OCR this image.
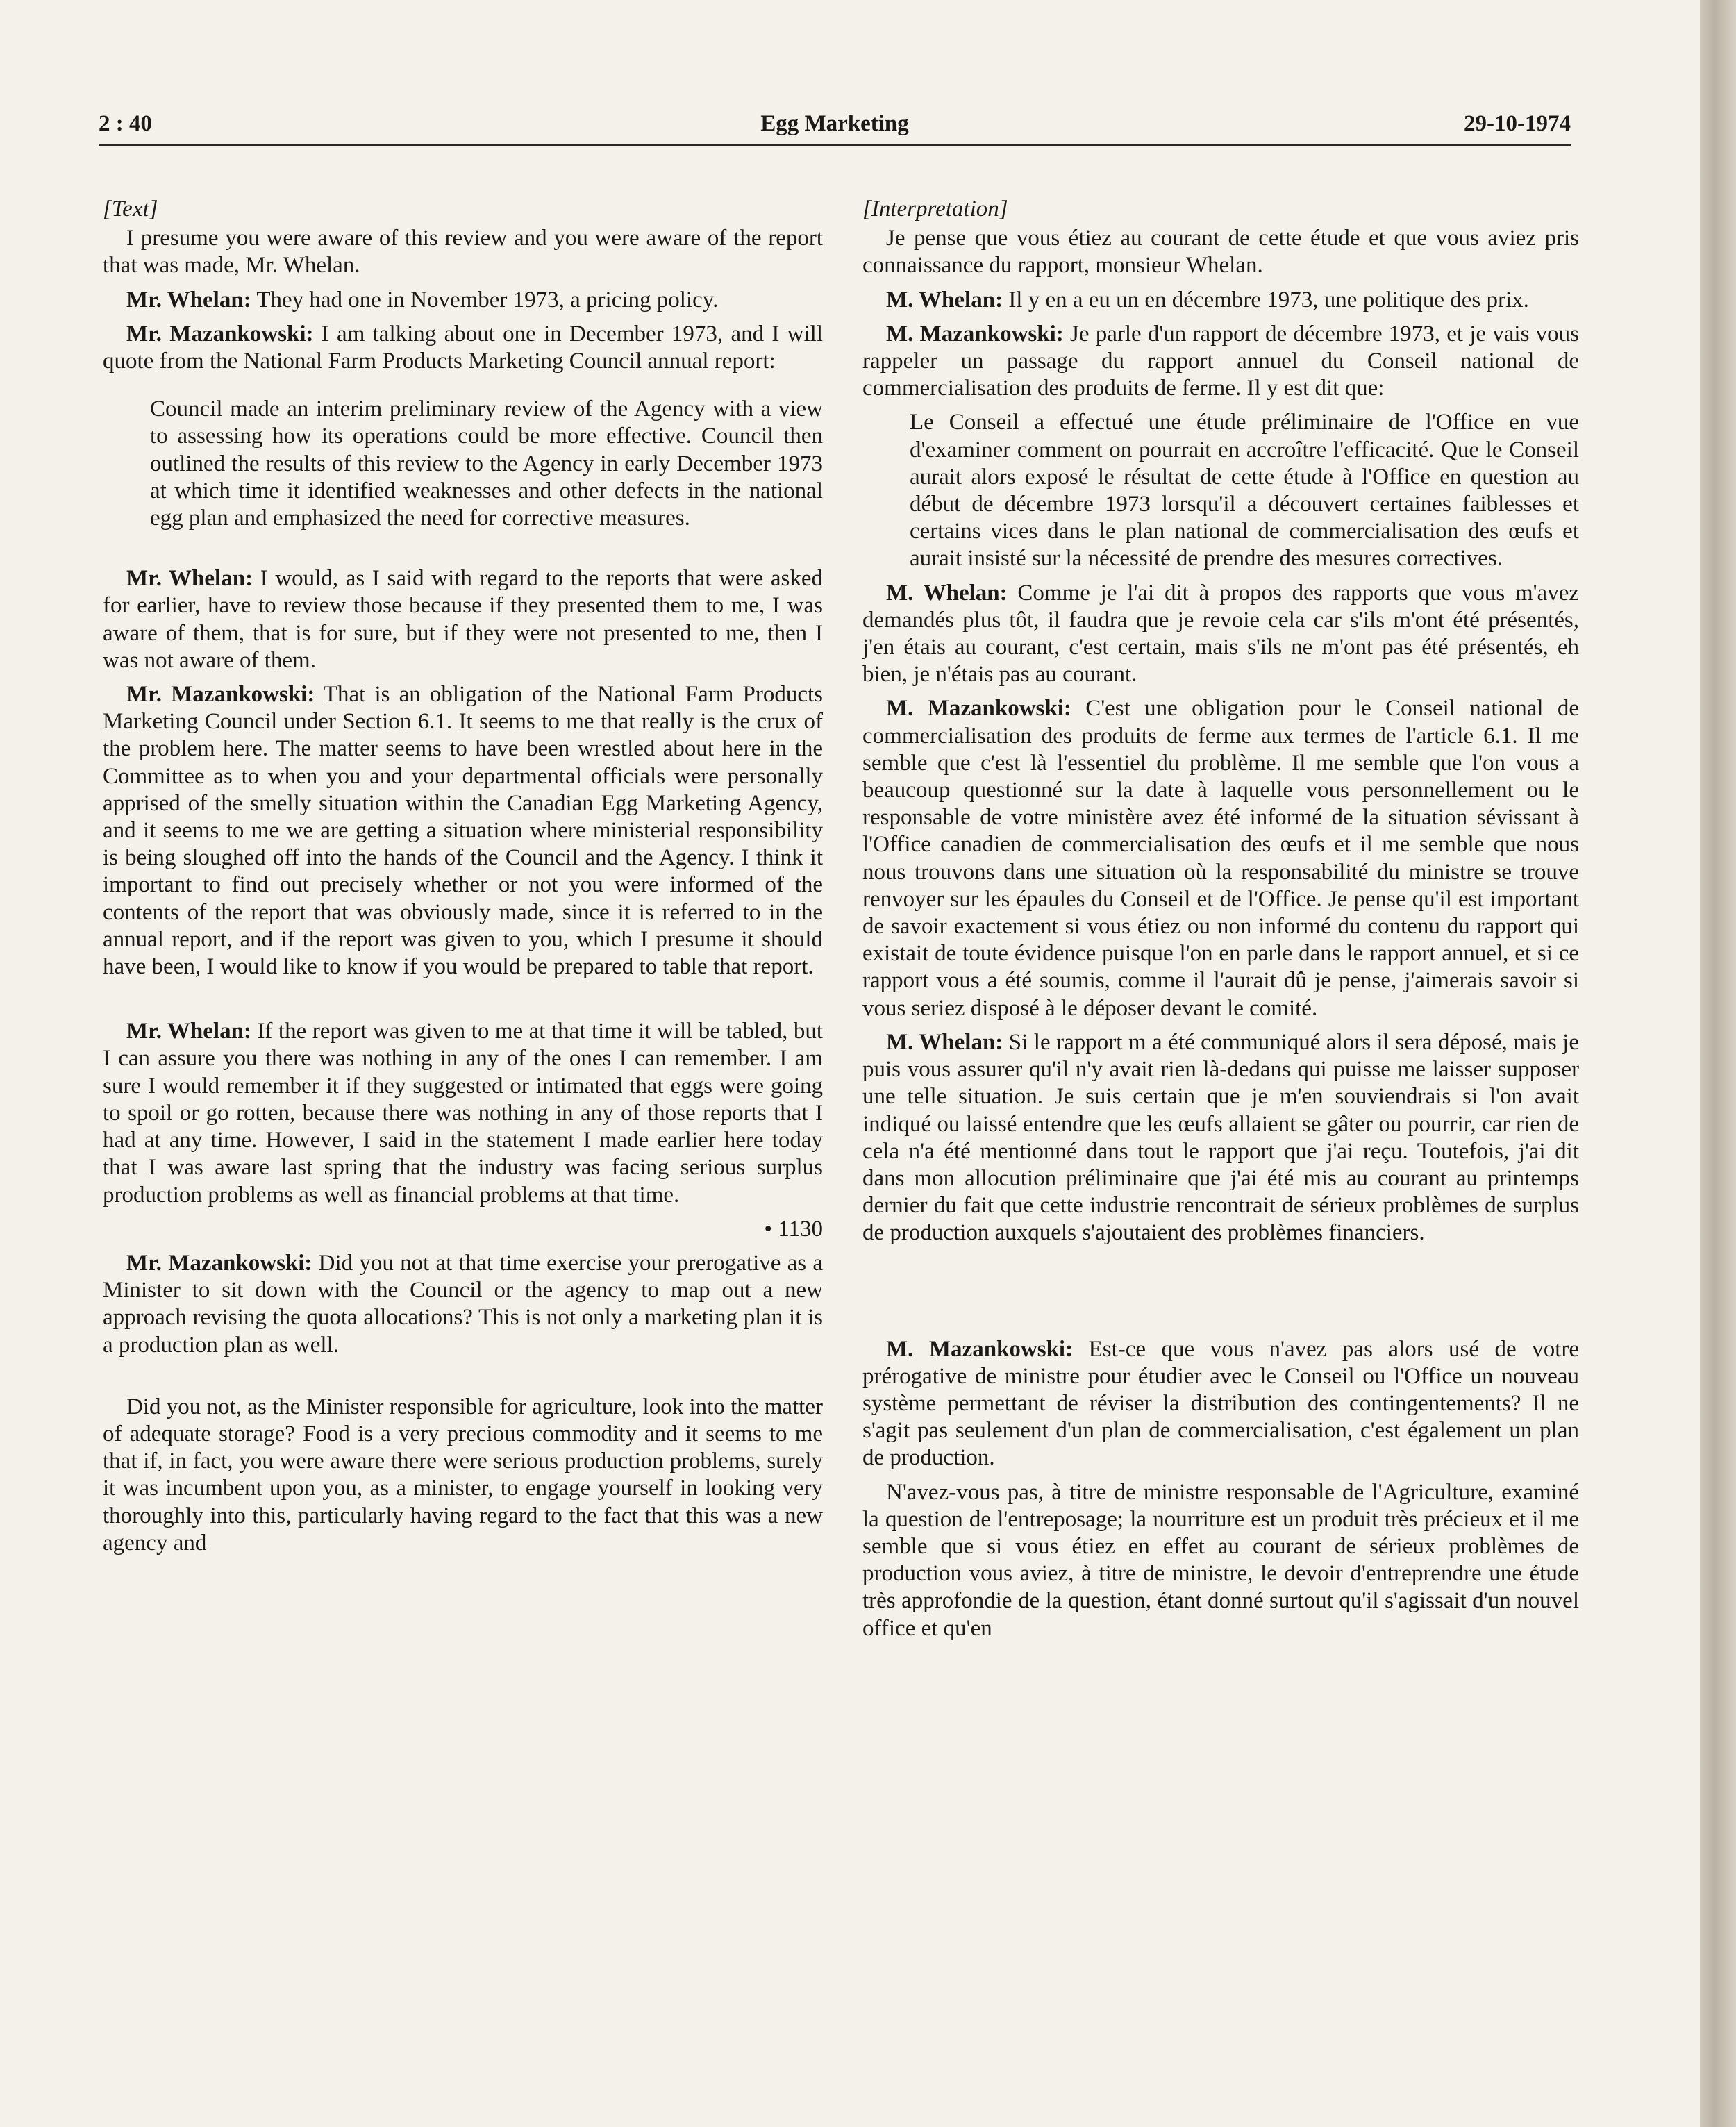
2 : 40	Egg Marketing	29-10-1974

[Text]

I presume you were aware of this review and you were aware of the report that was made, Mr. Whelan.

Mr. Whelan: They had one in November 1973, a pricing policy.

Mr. Mazankowski: I am talking about one in December 1973, and I will quote from the National Farm Products Marketing Council annual report:

Council made an interim preliminary review of the Agency with a view to assessing how its operations could be more effective. Council then outlined the results of this review to the Agency in early December 1973 at which time it identified weaknesses and other defects in the national egg plan and emphasized the need for corrective measures.

Mr. Whelan: I would, as I said with regard to the reports that were asked for earlier, have to review those because if they presented them to me, I was aware of them, that is for sure, but if they were not presented to me, then I was not aware of them.

Mr. Mazankowski: That is an obligation of the National Farm Products Marketing Council under Section 6.1. It seems to me that really is the crux of the problem here. The matter seems to have been wrestled about here in the Committee as to when you and your departmental officials were personally apprised of the smelly situation within the Canadian Egg Marketing Agency, and it seems to me we are getting a situation where ministerial responsibility is being sloughed off into the hands of the Council and the Agency. I think it important to find out precisely whether or not you were informed of the contents of the report that was obviously made, since it is referred to in the annual report, and if the report was given to you, which I presume it should have been, I would like to know if you would be prepared to table that report.

Mr. Whelan: If the report was given to me at that time it will be tabled, but I can assure you there was nothing in any of the ones I can remember. I am sure I would remember it if they suggested or intimated that eggs were going to spoil or go rotten, because there was nothing in any of those reports that I had at any time. However, I said in the statement I made earlier here today that I was aware last spring that the industry was facing serious surplus production problems as well as financial problems at that time.

• 1130

Mr. Mazankowski: Did you not at that time exercise your prerogative as a Minister to sit down with the Council or the agency to map out a new approach revising the quota allocations? This is not only a marketing plan it is a production plan as well.

Did you not, as the Minister responsible for agriculture, look into the matter of adequate storage? Food is a very precious commodity and it seems to me that if, in fact, you were aware there were serious production problems, surely it was incumbent upon you, as a minister, to engage yourself in looking very thoroughly into this, particularly having regard to the fact that this was a new agency and

[Interpretation]

Je pense que vous étiez au courant de cette étude et que vous aviez pris connaissance du rapport, monsieur Whelan.

M. Whelan: Il y en a eu un en décembre 1973, une politique des prix.

M. Mazankowski: Je parle d'un rapport de décembre 1973, et je vais vous rappeler un passage du rapport annuel du Conseil national de commercialisation des produits de ferme. Il y est dit que:

Le Conseil a effectué une étude préliminaire de l'Office en vue d'examiner comment on pourrait en accroître l'efficacité. Que le Conseil aurait alors exposé le résultat de cette étude à l'Office en question au début de décembre 1973 lorsqu'il a découvert certaines faiblesses et certains vices dans le plan national de commercialisation des œufs et aurait insisté sur la nécessité de prendre des mesures correctives.

M. Whelan: Comme je l'ai dit à propos des rapports que vous m'avez demandés plus tôt, il faudra que je revoie cela car s'ils m'ont été présentés, j'en étais au courant, c'est certain, mais s'ils ne m'ont pas été présentés, eh bien, je n'étais pas au courant.

M. Mazankowski: C'est une obligation pour le Conseil national de commercialisation des produits de ferme aux termes de l'article 6.1. Il me semble que c'est là l'essentiel du problème. Il me semble que l'on vous a beaucoup questionné sur la date à laquelle vous personnellement ou le responsable de votre ministère avez été informé de la situation sévissant à l'Office canadien de commercialisation des œufs et il me semble que nous nous trouvons dans une situation où la responsabilité du ministre se trouve renvoyer sur les épaules du Conseil et de l'Office. Je pense qu'il est important de savoir exactement si vous étiez ou non informé du contenu du rapport qui existait de toute évidence puisque l'on en parle dans le rapport annuel, et si ce rapport vous a été soumis, comme il l'aurait dû je pense, j'aimerais savoir si vous seriez disposé à le déposer devant le comité.

M. Whelan: Si le rapport m a été communiqué alors il sera déposé, mais je puis vous assurer qu'il n'y avait rien là-dedans qui puisse me laisser supposer une telle situation. Je suis certain que je m'en souviendrais si l'on avait indiqué ou laissé entendre que les œufs allaient se gâter ou pourrir, car rien de cela n'a été mentionné dans tout le rapport que j'ai reçu. Toutefois, j'ai dit dans mon allocution préliminaire que j'ai été mis au courant au printemps dernier du fait que cette industrie rencontrait de sérieux problèmes de surplus de production auxquels s'ajoutaient des problèmes financiers.

M. Mazankowski: Est-ce que vous n'avez pas alors usé de votre prérogative de ministre pour étudier avec le Conseil ou l'Office un nouveau système permettant de réviser la distribution des contingentements? Il ne s'agit pas seulement d'un plan de commercialisation, c'est également un plan de production.

N'avez-vous pas, à titre de ministre responsable de l'Agriculture, examiné la question de l'entreposage; la nourriture est un produit très précieux et il me semble que si vous étiez en effet au courant de sérieux problèmes de production vous aviez, à titre de ministre, le devoir d'entreprendre une étude très approfondie de la question, étant donné surtout qu'il s'agissait d'un nouvel office et qu'en
